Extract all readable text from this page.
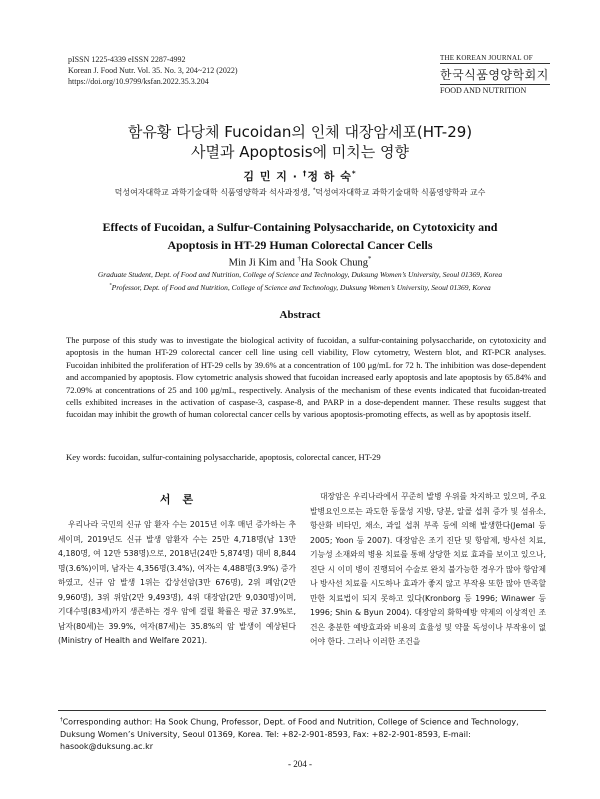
pISSN 1225-4339 eISSN 2287-4992
Korean J. Food Nutr. Vol. 35. No. 3, 204~212 (2022)
https://doi.org/10.9799/ksfan.2022.35.3.204
THE KOREAN JOURNAL OF
한국식품영양학회지
FOOD AND NUTRITION
함유황 다당체 Fucoidan의 인체 대장암세포(HT-29)
사멸과 Apoptosis에 미치는 영향
김 민 지 · †정 하 숙*
덕성여자대학교 과학기술대학 식품영양학과 석사과정생, *덕성여자대학교 과학기술대학 식품영양학과 교수
Effects of Fucoidan, a Sulfur-Containing Polysaccharide, on Cytotoxicity and
Apoptosis in HT-29 Human Colorectal Cancer Cells
Min Ji Kim and †Ha Sook Chung*
Graduate Student, Dept. of Food and Nutrition, College of Science and Technology, Duksung Women’s University, Seoul 01369, Korea
*Professor, Dept. of Food and Nutrition, College of Science and Technology, Duksung Women’s University, Seoul 01369, Korea
Abstract
The purpose of this study was to investigate the biological activity of fucoidan, a sulfur-containing polysaccharide, on cytotoxicity and apoptosis in the human HT-29 colorectal cancer cell line using cell viability, Flow cytometry, Western blot, and RT-PCR analyses. Fucoidan inhibited the proliferation of HT-29 cells by 39.6% at a concentration of 100 μg/mL for 72 h. The inhibition was dose-dependent and accompanied by apoptosis. Flow cytometric analysis showed that fucoidan increased early apoptosis and late apoptosis by 65.84% and 72.09% at concentrations of 25 and 100 μg/mL, respectively. Analysis of the mechanism of these events indicated that fucoidan-treated cells exhibited increases in the activation of caspase-3, caspase-8, and PARP in a dose-dependent manner. These results suggest that fucoidan may inhibit the growth of human colorectal cancer cells by various apoptosis-promoting effects, as well as by apoptosis itself.
Key words: fucoidan, sulfur-containing polysaccharide, apoptosis, colorectal cancer, HT-29
서론
우리나라 국민의 신규 암 환자 수는 2015년 이후 매년 증가하는 추세이며, 2019년도 신규 발생 암환자 수는 25만 4,718명(남 13만 4,180명, 여 12만 538명)으로, 2018년(24만 5,874명) 대비 8,844명(3.6%)이며, 남자는 4,356명(3.4%), 여자는 4,488명(3.9%) 증가하였고, 신규 암 발생 1위는 갑상선암(3만 676명), 2위 폐암(2만 9,960명), 3위 위암(2만 9,493명), 4위 대장암(2만 9,030명)이며, 기대수명(83세)까지 생존하는 경우 암에 걸릴 확률은 평균 37.9%로, 남자(80세)는 39.9%, 여자(87세)는 35.8%의 암 발생이 예상된다(Ministry of Health and Welfare 2021).
대장암은 우리나라에서 꾸준히 발병 우위를 차지하고 있으며, 주요 발병요인으로는 과도한 동물성 지방, 당분, 알콜 섭취 증가 및 섬유소, 항산화 비타민, 채소, 과일 섭취 부족 등에 의해 발생한다(Jemal 등 2005; Yoon 등 2007). 대장암은 조기 진단 및 항암제, 방사선 치료, 기능성 소재와의 병용 치료를 통해 상당한 치료 효과를 보이고 있으나, 진단 시 이미 병이 진행되어 수술로 완치 불가능한 경우가 많아 항암제나 방사선 치료를 시도하나 효과가 좋지 않고 부작용 또한 많아 만족할 만한 치료법이 되지 못하고 있다(Kronborg 등 1996; Winawer 등 1996; Shin & Byun 2004). 대장암의 화학예방 약제의 이상적인 조건은 충분한 예방효과와 비용의 효율성 및 약물 독성이나 부작용이 없어야 한다. 그러나 이러한 조건을
†Corresponding author: Ha Sook Chung, Professor, Dept. of Food and Nutrition, College of Science and Technology, Duksung Women’s University, Seoul 01369, Korea. Tel: +82-2-901-8593, Fax: +82-2-901-8593, E-mail: hasook@duksung.ac.kr
- 204 -
